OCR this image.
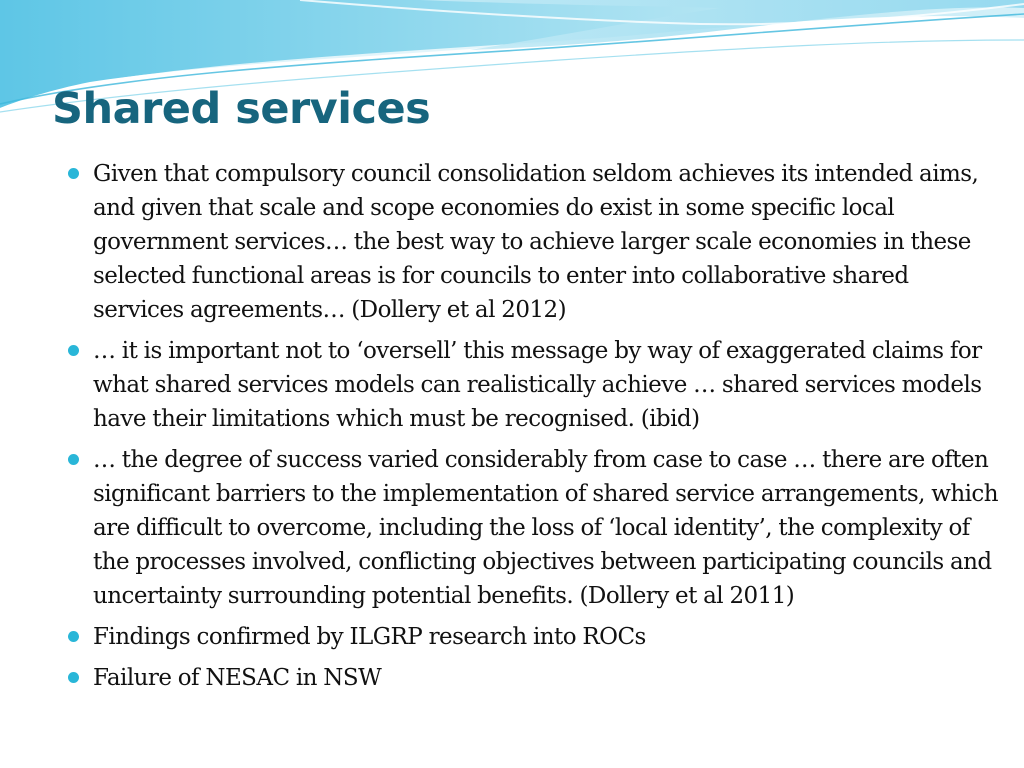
Shared services
Given that compulsory council consolidation seldom achieves its intended aims, and given that scale and scope economies do exist in some specific local government services… the best way to achieve larger scale economies in these selected functional areas is for councils to enter into collaborative shared services agreements… (Dollery et al 2012)
… it is important not to ‘oversell’ this message by way of exaggerated claims for what shared services models can realistically achieve … shared services models have their limitations which must be recognised. (ibid)
… the degree of success varied considerably from case to case … there are often significant barriers to the implementation of shared service arrangements, which are difficult to overcome, including the loss of ‘local identity’, the complexity of the processes involved, conflicting objectives between participating councils and uncertainty surrounding potential benefits. (Dollery et al 2011)
Findings confirmed by ILGRP research into ROCs
Failure of NESAC in NSW
